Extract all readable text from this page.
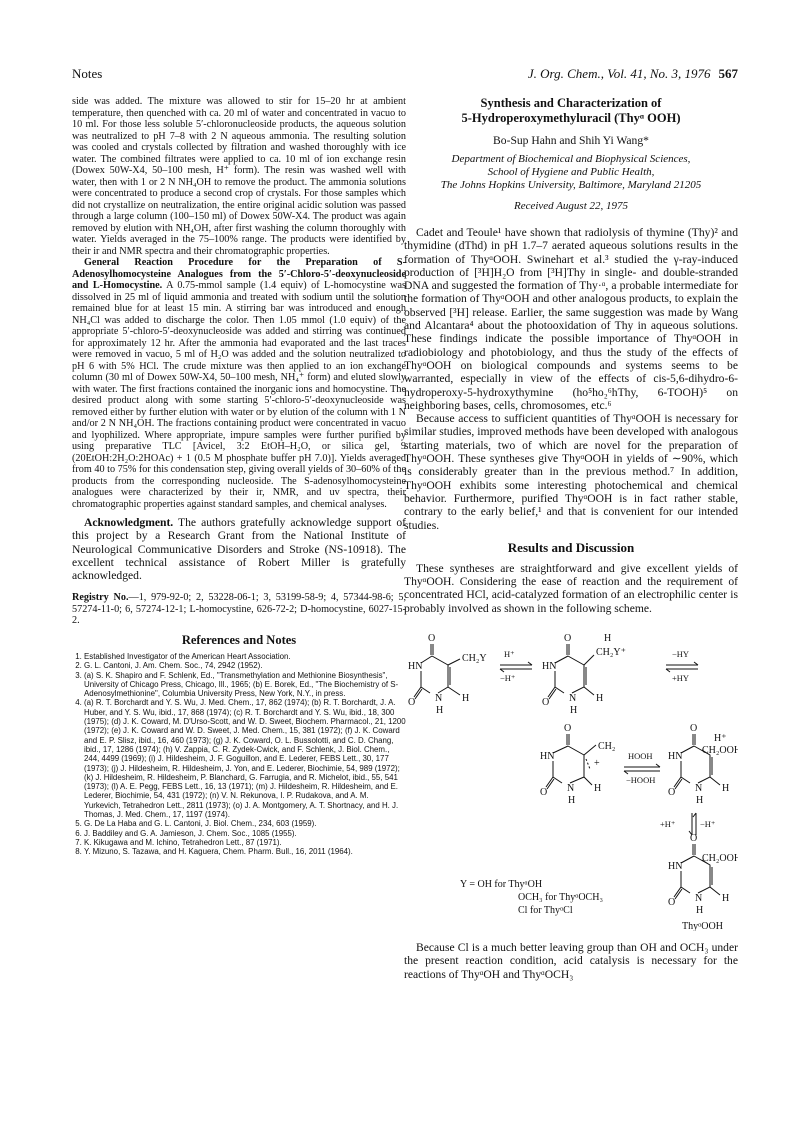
Notes	J. Org. Chem., Vol. 41, No. 3, 1976 567

side was added. The mixture was allowed to stir for 15–20 hr at ambient temperature, then quenched with ca. 20 ml of water and concentrated in vacuo to 10 ml. For those less soluble 5′-chloronucleoside products, the aqueous solution was neutralized to pH 7–8 with 2 N aqueous ammonia. The resulting solution was cooled and crystals collected by filtration and washed thoroughly with ice water. The combined filtrates were applied to ca. 10 ml of ion exchange resin (Dowex 50W-X4, 50–100 mesh, H⁺ form). The resin was washed well with water, then with 1 or 2 N NH₄OH to remove the product. The ammonia solutions were concentrated to produce a second crop of crystals. For those samples which did not crystallize on neutralization, the entire original acidic solution was passed through a large column (100–150 ml) of Dowex 50W-X4. The product was again removed by elution with NH₄OH, after first washing the column thoroughly with water. Yields averaged in the 75–100% range. The products were identified by their ir and NMR spectra and their chromatographic properties.

General Reaction Procedure for the Preparation of S-Adenosylhomocysteine Analogues from the 5′-Chloro-5′-deoxynucleoside and L-Homocystine. A 0.75-mmol sample (1.4 equiv) of L-homocystine was dissolved in 25 ml of liquid ammonia and treated with sodium until the solution remained blue for at least 15 min. A stirring bar was introduced and enough NH₄Cl was added to discharge the color. Then 1.05 mmol (1.0 equiv) of the appropriate 5′-chloro-5′-deoxynucleoside was added and stirring was continued for approximately 12 hr. After the ammonia had evaporated and the last traces were removed in vacuo, 5 ml of H₂O was added and the solution neutralized to pH 6 with 5% HCl. The crude mixture was then applied to an ion exchange column (30 ml of Dowex 50W-X4, 50–100 mesh, NH₄⁺ form) and eluted slowly with water. The first fractions contained the inorganic ions and homocystine. The desired product along with some starting 5′-chloro-5′-deoxynucleoside was removed either by further elution with water or by elution of the column with 1 N and/or 2 N NH₄OH. The fractions containing product were concentrated in vacuo and lyophilized. Where appropriate, impure samples were further purified by using preparative TLC [Avicel, 3:2 EtOH–H₂O, or silica gel, 9 (20EtOH:2H₂O:2HOAc) + 1 (0.5 M phosphate buffer pH 7.0)]. Yields averaged from 40 to 75% for this condensation step, giving overall yields of 30–60% of the products from the corresponding nucleoside. The S-adenosylhomocysteine analogues were characterized by their ir, NMR, and uv spectra, their chromatographic properties against standard samples, and chemical analyses.

Acknowledgment. The authors gratefully acknowledge support of this project by a Research Grant from the National Institute of Neurological Communicative Disorders and Stroke (NS-10918). The excellent technical assistance of Robert Miller is gratefully acknowledged.

Registry No.—1, 979-92-0; 2, 53228-06-1; 3, 53199-58-9; 4, 57344-98-6; 5, 57274-11-0; 6, 57274-12-1; L-homocystine, 626-72-2; D-homocystine, 6027-15-2.
References and Notes
1. Established Investigator of the American Heart Association.
2. G. L. Cantoni, J. Am. Chem. Soc., 74, 2942 (1952).
3. (a) S. K. Shapiro and F. Schlenk, Ed., "Transmethylation and Methionine Biosynthesis", University of Chicago Press, Chicago, Ill., 1965; (b) E. Borek, Ed., "The Biochemistry of S-Adenosylmethionine", Columbia University Press, New York, N.Y., in press.
4. (a) R. T. Borchardt and Y. S. Wu, J. Med. Chem., 17, 862 (1974); (b) R. T. Borchardt, J. A. Huber, and Y. S. Wu, ibid., 17, 868 (1974); (c) R. T. Borchardt and Y. S. Wu, ibid., 18, 300 (1975); (d) J. K. Coward, M. D'Urso-Scott, and W. D. Sweet, Biochem. Pharmacol., 21, 1200 (1972); (e) J. K. Coward and W. D. Sweet, J. Med. Chem., 15, 381 (1972); (f) J. K. Coward and E. P. Slisz, ibid., 16, 460 (1973); (g) J. K. Coward, O. L. Bussolotti, and C. D. Chang, ibid., 17, 1286 (1974); (h) V. Zappia, C. R. Zydek-Cwick, and F. Schlenk, J. Biol. Chem., 244, 4499 (1969); (i) J. Hildesheim, J. F. Goguillon, and E. Lederer, FEBS Lett., 30, 177 (1973); (j) J. Hildesheim, R. Hildesheim, J. Yon, and E. Lederer, Biochimie, 54, 989 (1972); (k) J. Hildesheim, R. Hildesheim, P. Blanchard, G. Farrugia, and R. Michelot, ibid., 55, 541 (1973); (l) A. E. Pegg, FEBS Lett., 16, 13 (1971); (m) J. Hildesheim, R. Hildesheim, and E. Lederer, Biochimie, 54, 431 (1972); (n) V. N. Rekunova, I. P. Rudakova, and A. M. Yurkevich, Tetrahedron Lett., 2811 (1973); (o) J. A. Montgomery, A. T. Shortnacy, and H. J. Thomas, J. Med. Chem., 17, 1197 (1974).
5. G. De La Haba and G. L. Cantoni, J. Biol. Chem., 234, 603 (1959).
6. J. Baddiley and G. A. Jamieson, J. Chem. Soc., 1085 (1955).
7. K. Kikugawa and M. Ichino, Tetrahedron Lett., 87 (1971).
8. Y. Mizuno, S. Tazawa, and H. Kaguera, Chem. Pharm. Bull., 16, 2011 (1964).
Synthesis and Characterization of
5-Hydroperoxymethyluracil (Thyᵅ OOH)
Bo-Sup Hahn and Shih Yi Wang*
Department of Biochemical and Biophysical Sciences,
School of Hygiene and Public Health,
The Johns Hopkins University, Baltimore, Maryland 21205
Received August 22, 1975

Cadet and Teoule¹ have shown that radiolysis of thymine (Thy)² and thymidine (dThd) in pH 1.7–7 aerated aqueous solutions results in the formation of ThyᵅOOH. Swinehart et al.³ studied the γ-ray-induced production of [³H]H₂O from [³H]Thy in single- and double-stranded DNA and suggested the formation of Thy·ᵅ, a probable intermediate for the formation of ThyᵅOOH and other analogous products, to explain the observed [³H] release. Earlier, the same suggestion was made by Wang and Alcantara⁴ about the photooxidation of Thy in aqueous solutions. These findings indicate the possible importance of ThyᵅOOH in radiobiology and photobiology, and thus the study of the effects of ThyᵅOOH on biological compounds and systems seems to be warranted, especially in view of the effects of cis-5,6-dihydro-6-hydroperoxy-5-hydroxythymine (ho⁵ho₂⁶hThy, 6-TOOH)⁵ on neighboring bases, cells, chromosomes, etc.⁶

Because access to sufficient quantities of ThyᵅOOH is necessary for similar studies, improved methods have been developed with analogous starting materials, two of which are novel for the preparation of ThyᵅOOH. These syntheses give ThyᵅOOH in yields of ∼90%, which is considerably greater than in the previous method.⁷ In addition, ThyᵅOOH exhibits some interesting photochemical and chemical behavior. Furthermore, purified ThyᵅOOH is in fact rather stable, contrary to the early belief,¹ and that is convenient for our intended studies.

Results and Discussion

These syntheses are straightforward and give excellent yields of ThyᵅOOH. Considering the ease of reaction and the requirement of concentrated HCl, acid-catalyzed formation of an electrophilic center is probably involved as shown in the following scheme.

O
HN
CH₂Y
O N
H
H
O
HN
H
CH₂Y⁺
O N
H
H
O
HN
CH₂
+
O N
H
H
O
HN
H⁺
CH₂OOH
O N
H
H
O
HN
CH₂OOH
O N
H
H
H⁺
−H⁺
−HY
+HY
HOOH
−HOOH
+H⁺	−H⁺
Y = OH for ThyᵅOH
OCH₃ for ThyᵅOCH₃
Cl for ThyᵅCl
ThyᵅOOH

Because Cl is a much better leaving group than OH and OCH₃ under the present reaction condition, acid catalysis is necessary for the reactions of ThyᵅOH and ThyᵅOCH₃
